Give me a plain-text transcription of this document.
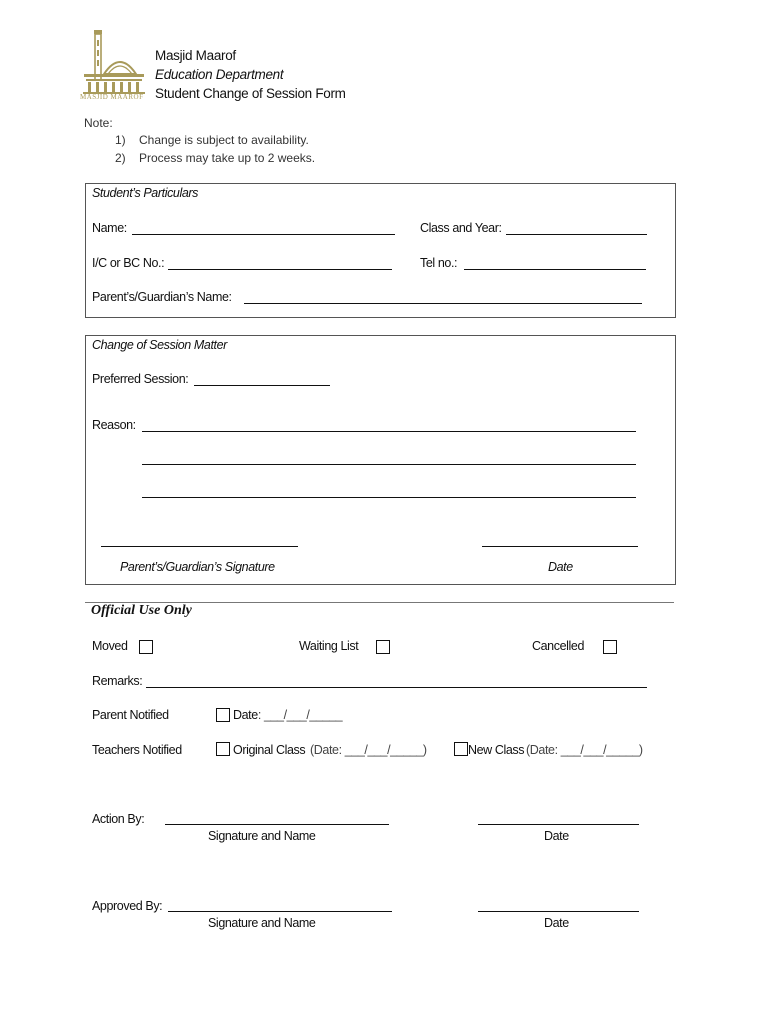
MASJID MAAROF
Masjid Maarof
Education Department
Student Change of Session Form
Note:
1) Change is subject to availability.
2) Process may take up to 2 weeks.
Student’s Particulars
Name:	Class and Year:
I/C or BC No.:	Tel no.:
Parent’s/Guardian’s Name:
Change of Session Matter
Preferred Session:
Reason:
Parent’s/Guardian’s Signature	Date
Official Use Only
Moved	Waiting List	Cancelled
Remarks:
Parent Notified	Date: ___/___/_____
Teachers Notified	Original Class (Date: ___/___/_____)	New Class (Date: ___/___/_____)
Action By:
Signature and Name	Date
Approved By:
Signature and Name	Date
